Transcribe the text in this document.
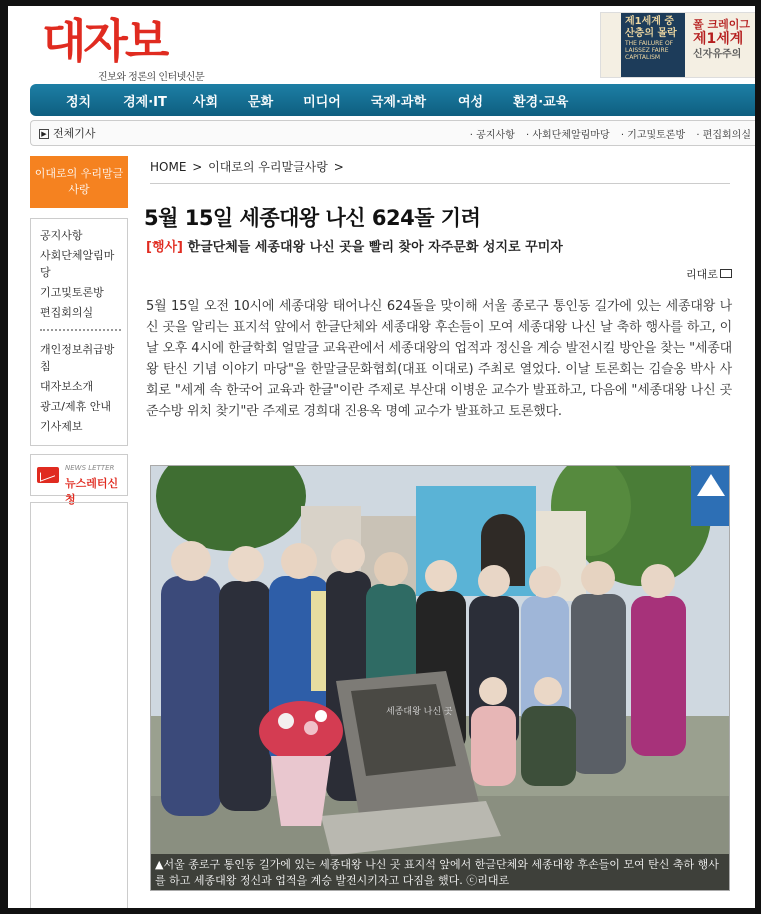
대자보
진보와 정론의 인터넷신문
제1세계 중산층의 몰락

THE FAILURE OF LAISSEZ FAIRE CAPITALISM
폴 크레이그
제1세계
신자유주의
정치 경제·IT 사회 문화 미디어 국제·과학 여성 환경·교육
▶ 전체기사	· 공지사항 · 사회단체알림마당 · 기고및토론방 · 편집회의실
이대로의 우리말글사랑
공지사항
사회단체알림마당
기고및토론방
편집회의실
개인정보취급방침
대자보소개
광고/제휴 안내
기사제보
NEWS LETTER
뉴스레터신청
HOME > 이대로의 우리말글사랑 >
5월 15일 세종대왕 나신 624돌 기려
[행사] 한글단체들 세종대왕 나신 곳을 빨리 찾아 자주문화 성지로 꾸미자
리대로
5월 15일 오전 10시에 세종대왕 태어나신 624돌을 맞이해 서울 종로구 통인동 길가에 있는 세종대왕 나신 곳을 알리는 표지석 앞에서 한글단체와 세종대왕 후손들이 모여 세종대왕 나신 날 축하 행사를 하고, 이날 오후 4시에 한글학회 얼말글 교육관에서 세종대왕의 업적과 정신을 계승 발전시킬 방안을 찾는 "세종대왕 탄신 기념 이야기 마당"을 한말글문화협회(대표 이대로) 주최로 열었다. 이날 토론회는 김슬옹 박사 사회로 "세계 속 한국어 교육과 한글"이란 주제로 부산대 이병운 교수가 발표하고, 다음에 "세종대왕 나신 곳 준수방 위치 찾기"란 주제로 경희대 진용옥 명예 교수가 발표하고 토론했다.
세종대왕 나신 곳
▲서울 종로구 통인동 길가에 있는 세종대왕 나신 곳 표지석 앞에서 한글단체와 세종대왕 후손들이 모여 탄신 축하 행사를 하고 세종대왕 정신과 업적을 계승 발전시키자고 다짐을 했다. ⓒ리대로
